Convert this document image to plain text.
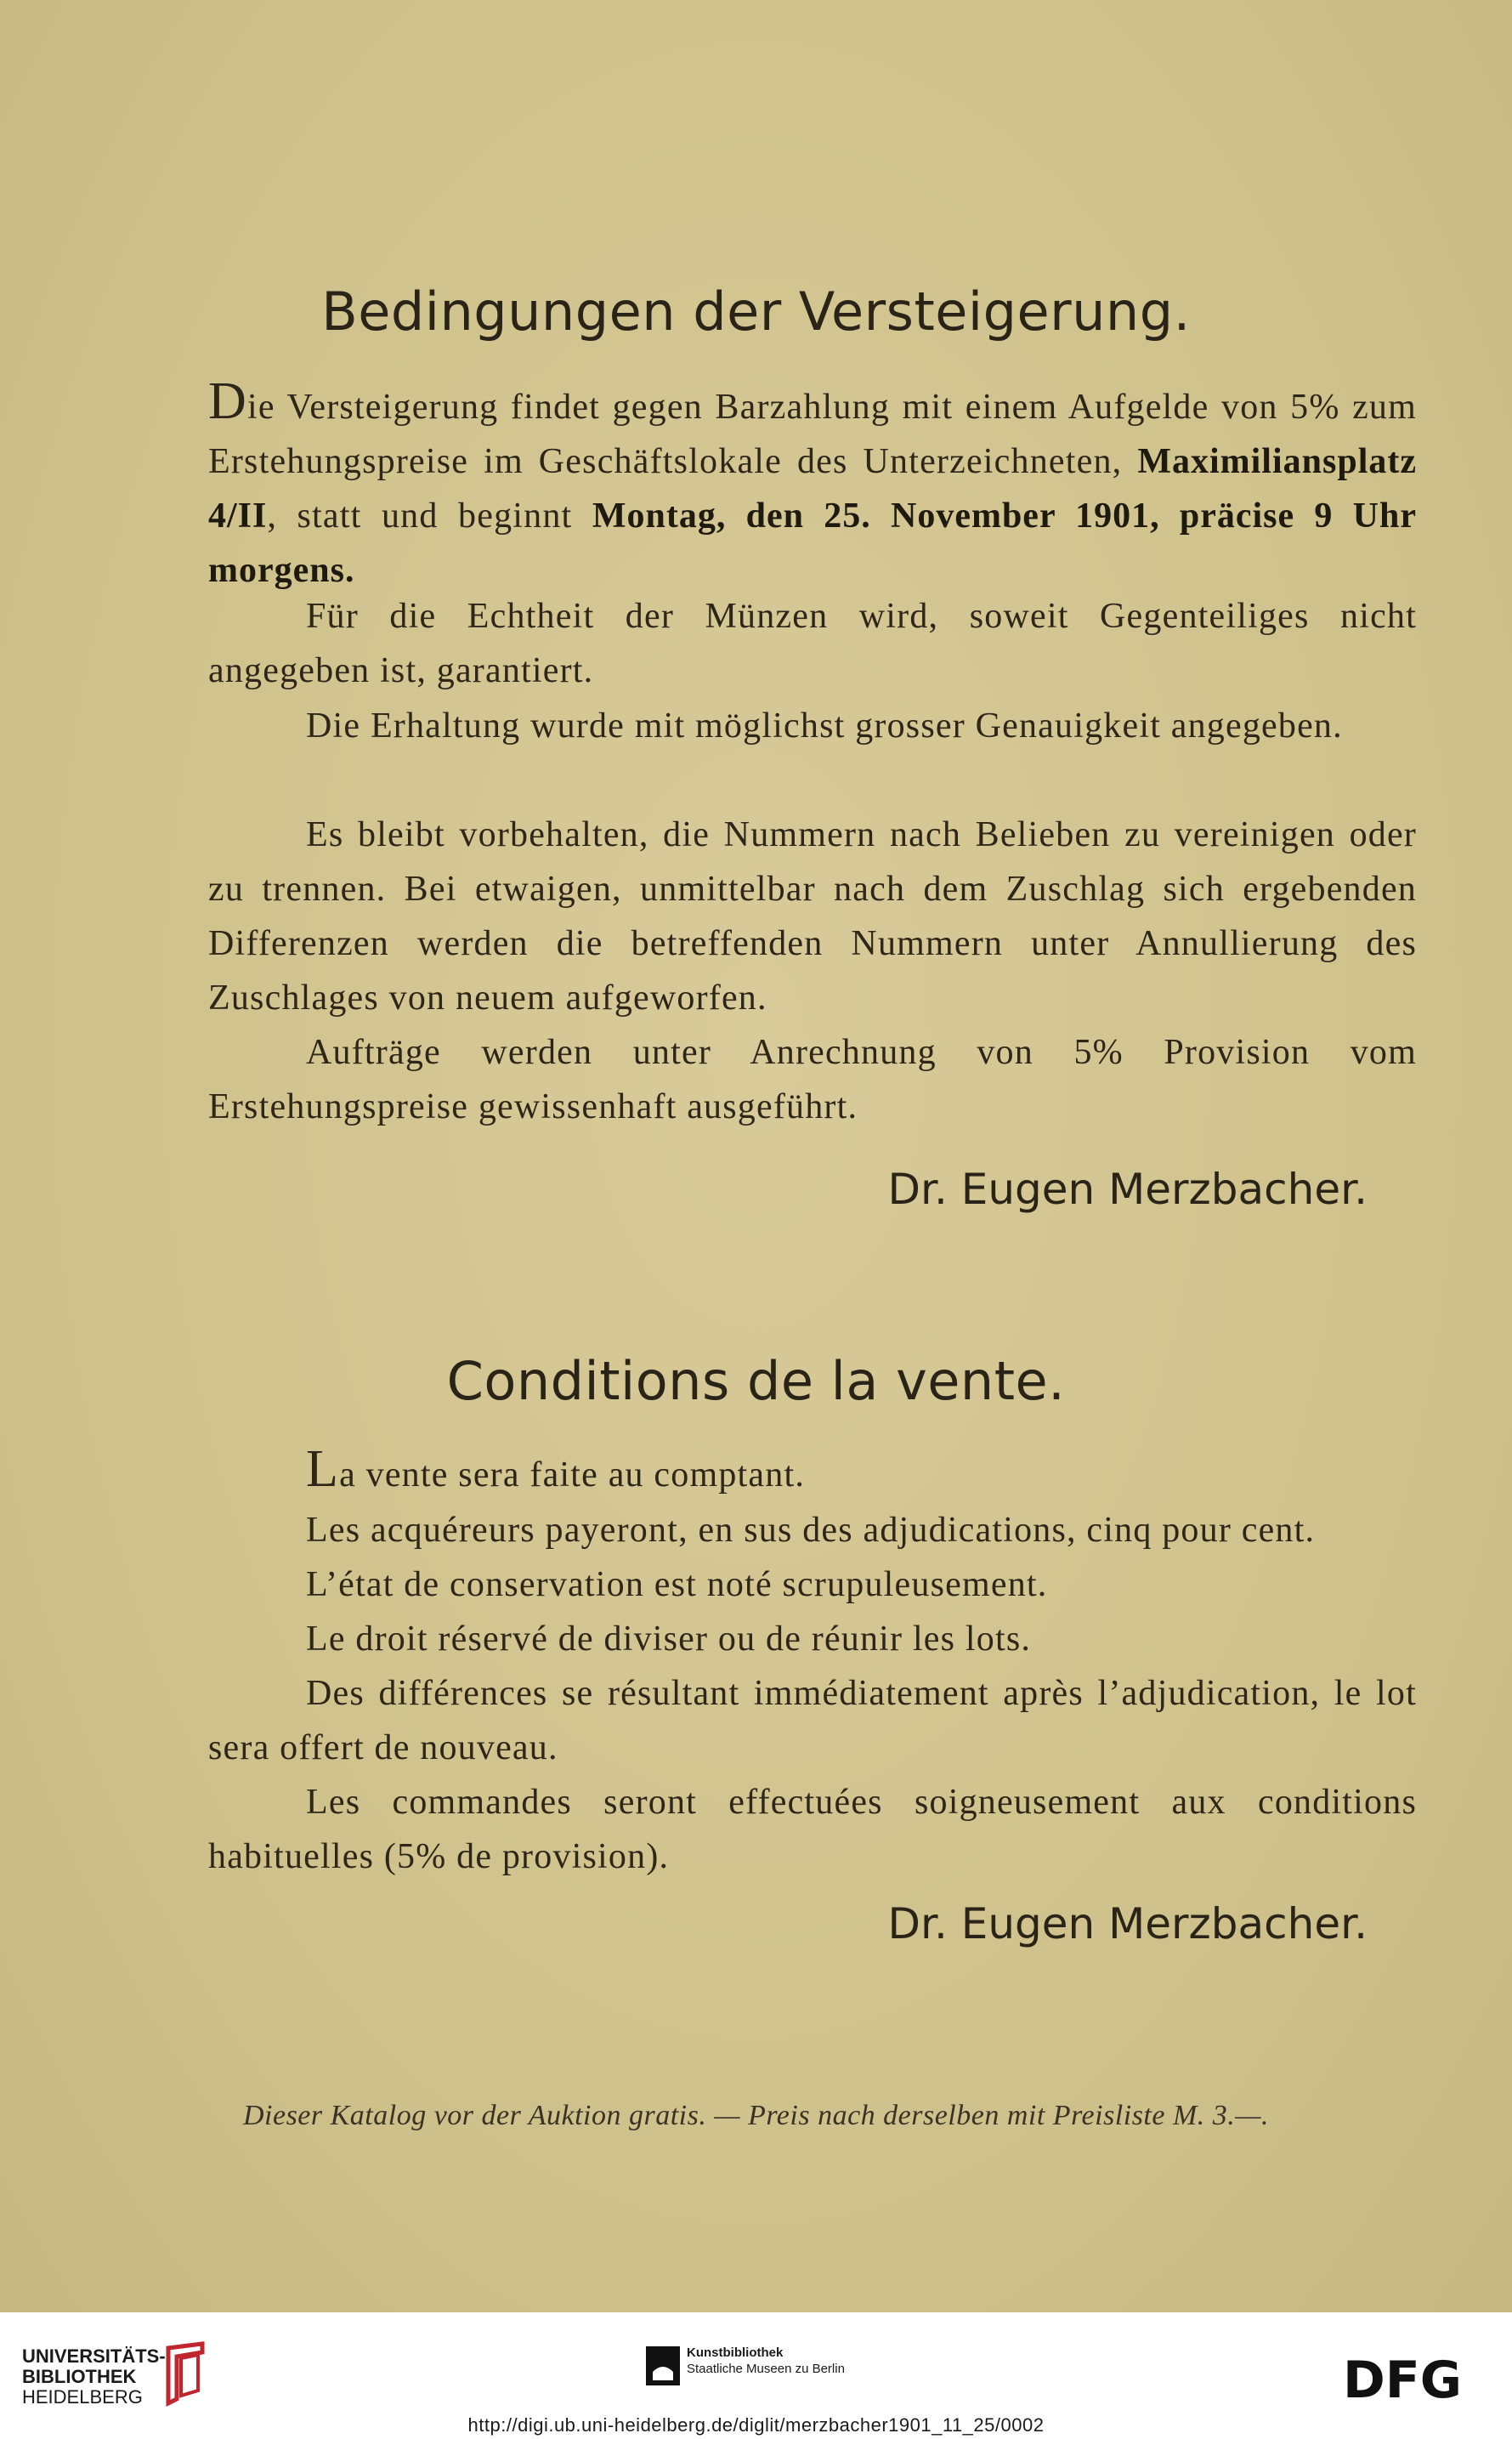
Bedingungen der Versteigerung.

Die Versteigerung findet gegen Barzahlung mit einem Aufgelde von 5% zum Erstehungspreise im Geschäftslokale des Unterzeichneten, Maximiliansplatz 4/II, statt und beginnt Montag, den 25. November 1901, präcise 9 Uhr morgens.

Für die Echtheit der Münzen wird, soweit Gegenteiliges nicht angegeben ist, garantiert.

Die Erhaltung wurde mit möglichst grosser Genauigkeit angegeben.

Es bleibt vorbehalten, die Nummern nach Belieben zu vereinigen oder zu trennen. Bei etwaigen, unmittelbar nach dem Zuschlag sich ergebenden Differenzen werden die betreffenden Nummern unter Annullierung des Zuschlages von neuem aufgeworfen.

Aufträge werden unter Anrechnung von 5% Provision vom Erstehungspreise gewissenhaft ausgeführt.

Dr. Eugen Merzbacher.
Conditions de la vente.

La vente sera faite au comptant.

Les acquéreurs payeront, en sus des adjudications, cinq pour cent.

L’état de conservation est noté scrupuleusement.

Le droit réservé de diviser ou de réunir les lots.

Des différences se résultant immédiatement après l’adjudication, le lot sera offert de nouveau.

Les commandes seront effectuées soigneusement aux conditions habituelles (5% de provision).

Dr. Eugen Merzbacher.
Dieser Katalog vor der Auktion gratis. — Preis nach derselben mit Preisliste M. 3.—.
UNIVERSITÄTS-
BIBLIOTHEK
HEIDELBERG
Kunstbibliothek
Staatliche Museen zu Berlin	DFG
http://digi.ub.uni-heidelberg.de/diglit/merzbacher1901_11_25/0002
